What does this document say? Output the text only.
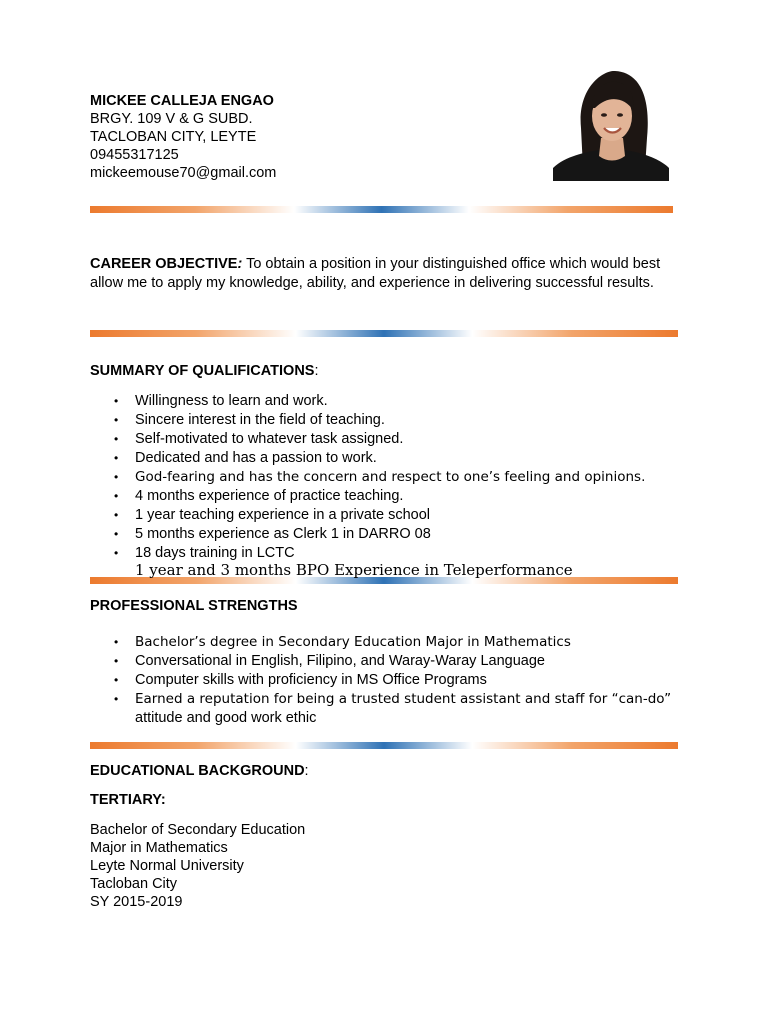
MICKEE CALLEJA ENGAO
BRGY. 109 V & G SUBD.
TACLOBAN CITY, LEYTE
09455317125
mickeemouse70@gmail.com
CAREER OBJECTIVE: To obtain a position in your distinguished office which would best
allow me to apply my knowledge, ability, and experience in delivering successful results.
SUMMARY OF QUALIFICATIONS:
• Willingness to learn and work.
• Sincere interest in the field of teaching.
• Self-motivated to whatever task assigned.
• Dedicated and has a passion to work.
• God-fearing and has the concern and respect to one’s feeling and opinions.
• 4 months experience of practice teaching.
• 1 year teaching experience in a private school
• 5 months experience as Clerk 1 in DARRO 08
• 18 days training in LCTC
1 year and 3 months BPO Experience in Teleperformance
PROFESSIONAL STRENGTHS
• Bachelor’s degree in Secondary Education Major in Mathematics
• Conversational in English, Filipino, and Waray-Waray Language
• Computer skills with proficiency in MS Office Programs
• Earned a reputation for being a trusted student assistant and staff for “can-do”
attitude and good work ethic
EDUCATIONAL BACKGROUND:
TERTIARY:
Bachelor of Secondary Education
Major in Mathematics
Leyte Normal University
Tacloban City
SY 2015-2019
